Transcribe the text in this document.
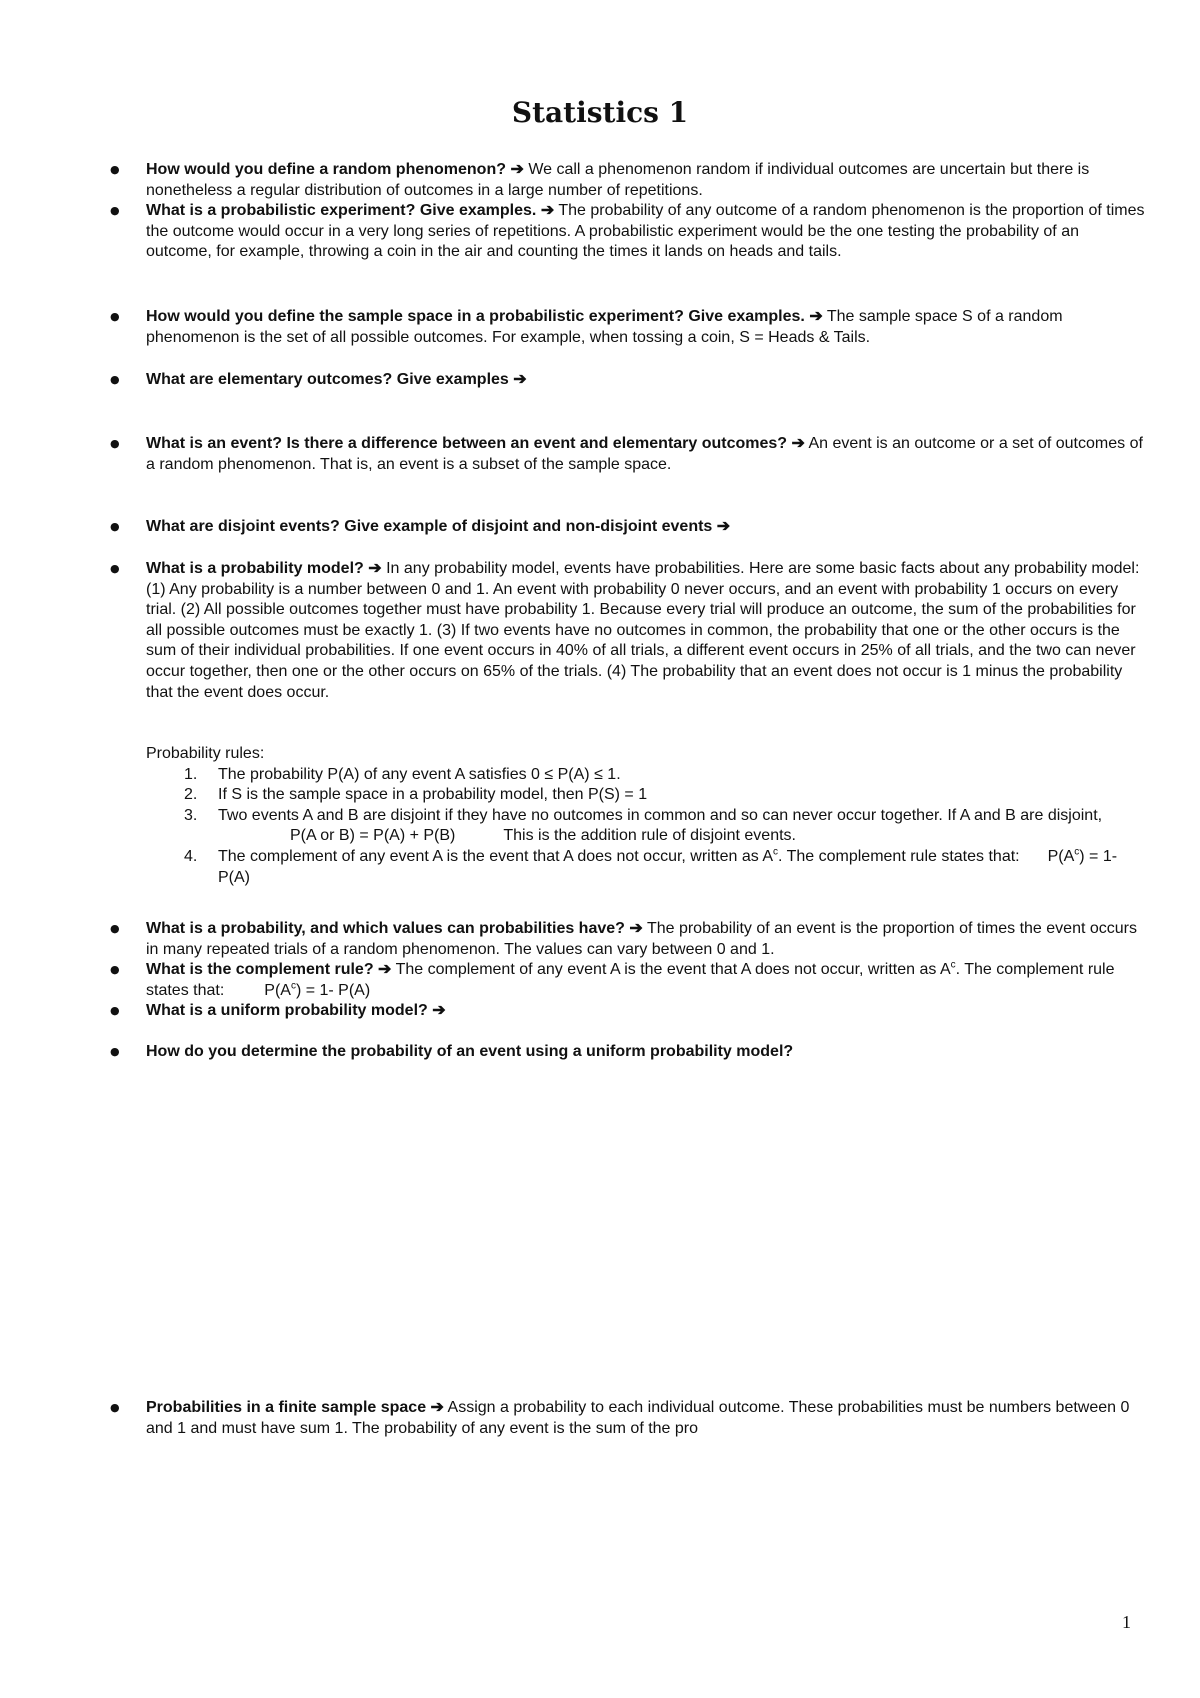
Statistics 1
● How would you define a random phenomenon? ➔ We call a phenomenon random if individual outcomes are uncertain but there is nonetheless a regular distribution of outcomes in a large number of repetitions.
● What is a probabilistic experiment? Give examples. ➔ The probability of any outcome of a random phenomenon is the proportion of times the outcome would occur in a very long series of repetitions. A probabilistic experiment would be the one testing the probability of an outcome, for example, throwing a coin in the air and counting the times it lands on heads and tails.
● How would you define the sample space in a probabilistic experiment? Give examples. ➔ The sample space S of a random phenomenon is the set of all possible outcomes. For example, when tossing a coin, S = Heads & Tails.
● What are elementary outcomes? Give examples ➔
● What is an event? Is there a difference between an event and elementary outcomes? ➔ An event is an outcome or a set of outcomes of a random phenomenon. That is, an event is a subset of the sample space.
● What are disjoint events? Give example of disjoint and non-disjoint events ➔
● What is a probability model? ➔ In any probability model, events have probabilities. Here are some basic facts about any probability model: (1) Any probability is a number between 0 and 1. An event with probability 0 never occurs, and an event with probability 1 occurs on every trial. (2) All possible outcomes together must have probability 1. Because every trial will produce an outcome, the sum of the probabilities for all possible outcomes must be exactly 1. (3) If two events have no outcomes in common, the probability that one or the other occurs is the sum of their individual probabilities. If one event occurs in 40% of all trials, a different event occurs in 25% of all trials, and the two can never occur together, then one or the other occurs on 65% of the trials. (4) The probability that an event does not occur is 1 minus the probability that the event does occur.
Probability rules:
1. The probability P(A) of any event A satisfies 0 ≤ P(A) ≤ 1.
2. If S is the sample space in a probability model, then P(S) = 1
3. Two events A and B are disjoint if they have no outcomes in common and so can never occur together. If A and B are disjoint,
P(A or B) = P(A) + P(B)	This is the addition rule of disjoint events.
4. The complement of any event A is the event that A does not occur, written as $A^c$. The complement rule states that: $P(A^c) = 1-P(A)$
● What is a probability, and which values can probabilities have? ➔ The probability of an event is the proportion of times the event occurs in many repeated trials of a random phenomenon. The values can vary between 0 and 1.
● What is the complement rule? ➔ The complement of any event A is the event that A does not occur, written as $A^c$. The complement rule states that:	$P(A^c) = 1-$ P(A)
● What is a uniform probability model? ➔
● How do you determine the probability of an event using a uniform probability model?
● Probabilities in a finite sample space ➔ Assign a probability to each individual outcome. These probabilities must be numbers between 0 and 1 and must have sum 1. The probability of any event is the sum of the pro
1
